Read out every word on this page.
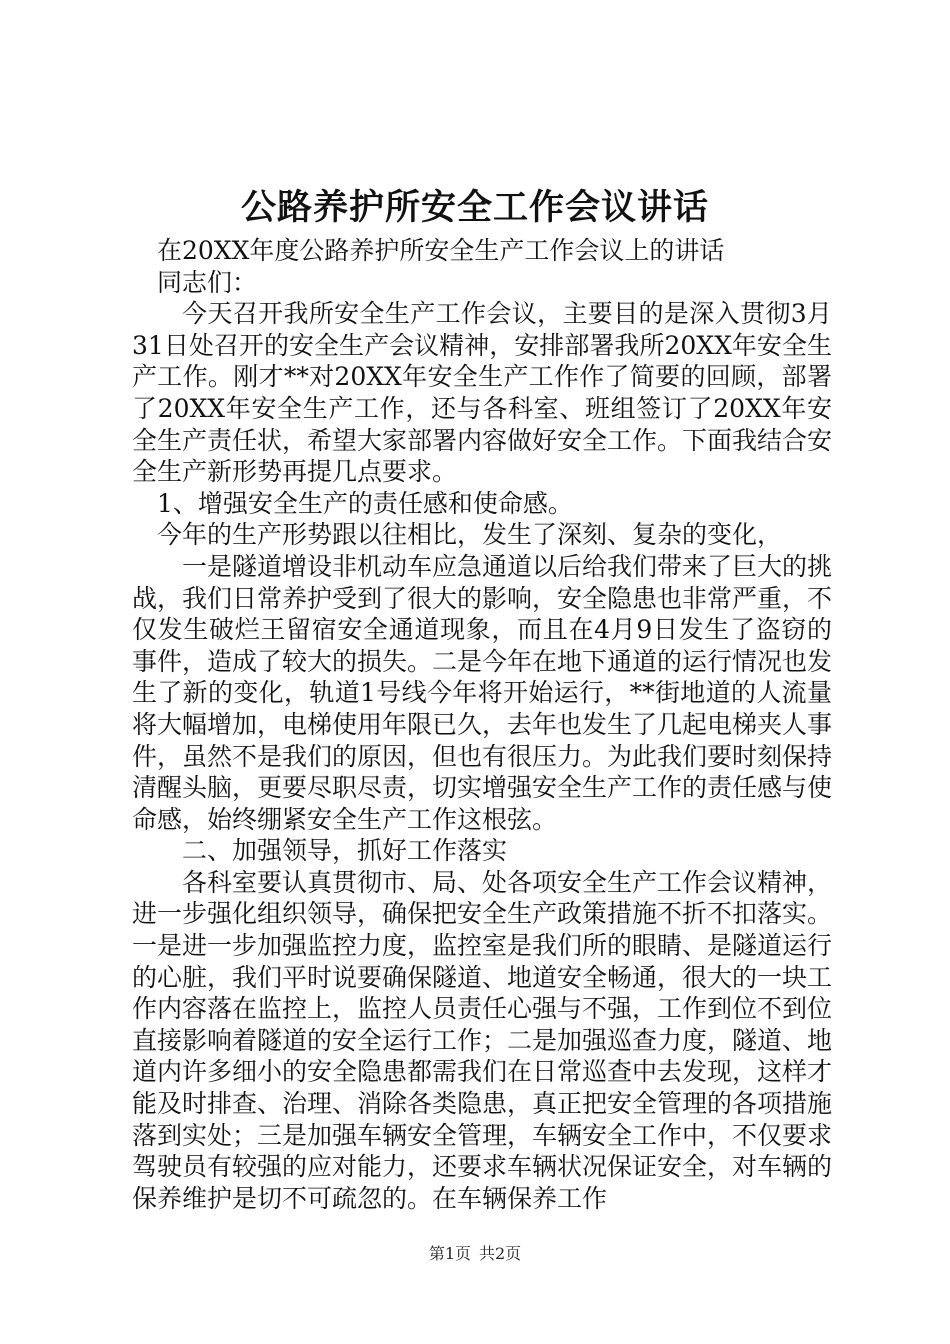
公路养护所安全工作会议讲话

在20XX年度公路养护所安全生产工作会议上的讲话

同志们：

今天召开我所安全生产工作会议，主要目的是深入贯彻3月31日处召开的安全生产会议精神，安排部署我所20XX年安全生产工作。刚才**对20XX年安全生产工作作了简要的回顾，部署了20XX年安全生产工作，还与各科室、班组签订了20XX年安全生产责任状，希望大家部署内容做好安全工作。下面我结合安全生产新形势再提几点要求。

1、增强安全生产的责任感和使命感。

今年的生产形势跟以往相比，发生了深刻、复杂的变化，

一是隧道增设非机动车应急通道以后给我们带来了巨大的挑战，我们日常养护受到了很大的影响，安全隐患也非常严重，不仅发生破烂王留宿安全通道现象，而且在4月9日发生了盗窃的事件，造成了较大的损失。二是今年在地下通道的运行情况也发生了新的变化，轨道1号线今年将开始运行，**街地道的人流量将大幅增加，电梯使用年限已久，去年也发生了几起电梯夹人事件，虽然不是我们的原因，但也有很压力。为此我们要时刻保持清醒头脑，更要尽职尽责，切实增强安全生产工作的责任感与使命感，始终绷紧安全生产工作这根弦。

二、加强领导，抓好工作落实

各科室要认真贯彻市、局、处各项安全生产工作会议精神，进一步强化组织领导，确保把安全生产政策措施不折不扣落实。一是进一步加强监控力度，监控室是我们所的眼睛、是隧道运行的心脏，我们平时说要确保隧道、地道安全畅通，很大的一块工作内容落在监控上，监控人员责任心强与不强，工作到位不到位直接影响着隧道的安全运行工作；二是加强巡查力度，隧道、地道内许多细小的安全隐患都需我们在日常巡查中去发现，这样才能及时排查、治理、消除各类隐患，真正把安全管理的各项措施落到实处；三是加强车辆安全管理，车辆安全工作中，不仅要求驾驶员有较强的应对能力，还要求车辆状况保证安全，对车辆的保养维护是切不可疏忽的。在车辆保养工作

第1页 共2页
